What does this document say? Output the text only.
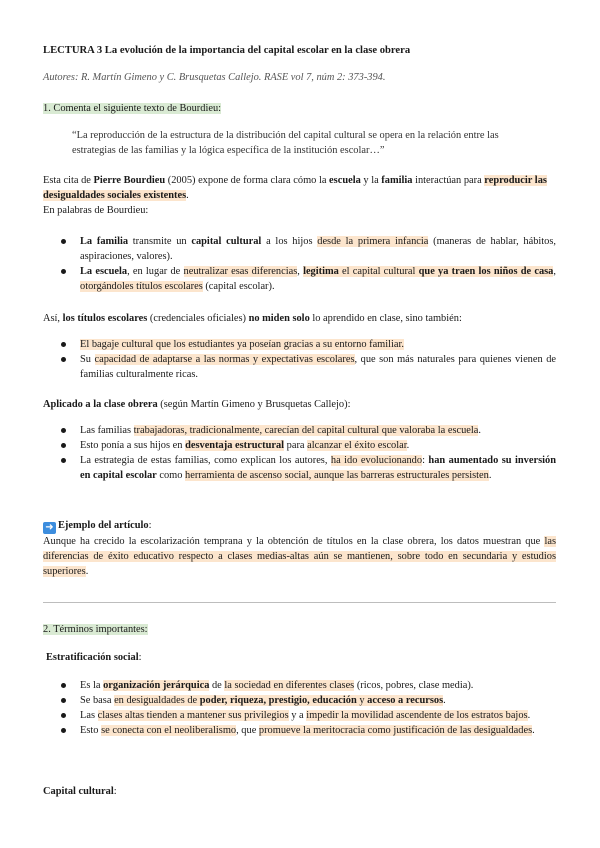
LECTURA 3 La evolución de la importancia del capital escolar en la clase obrera

Autores: R. Martín Gimeno y C. Brusquetas Callejo. RASE vol 7, núm 2: 373-394.

1. Comenta el siguiente texto de Bourdieu:

“La reproducción de la estructura de la distribución del capital cultural se opera en la relación entre las estrategias de las familias y la lógica específica de la institución escolar…”

Esta cita de Pierre Bourdieu (2005) expone de forma clara cómo la escuela y la familia interactúan para reproducir las desigualdades sociales existentes.
En palabras de Bourdieu:

La familia transmite un capital cultural a los hijos desde la primera infancia (maneras de hablar, hábitos, aspiraciones, valores).
La escuela, en lugar de neutralizar esas diferencias, legitima el capital cultural que ya traen los niños de casa, otorgándoles títulos escolares (capital escolar).

Así, los títulos escolares (credenciales oficiales) no miden solo lo aprendido en clase, sino también:

El bagaje cultural que los estudiantes ya poseían gracias a su entorno familiar.
Su capacidad de adaptarse a las normas y expectativas escolares, que son más naturales para quienes vienen de familias culturalmente ricas.

Aplicado a la clase obrera (según Martín Gimeno y Brusquetas Callejo):

Las familias trabajadoras, tradicionalmente, carecían del capital cultural que valoraba la escuela.
Esto ponía a sus hijos en desventaja estructural para alcanzar el éxito escolar.
La estrategia de estas familias, como explican los autores, ha ido evolucionando: han aumentado su inversión en capital escolar como herramienta de ascenso social, aunque las barreras estructurales persisten.

➜ Ejemplo del artículo:
Aunque ha crecido la escolarización temprana y la obtención de títulos en la clase obrera, los datos muestran que las diferencias de éxito educativo respecto a clases medias-altas aún se mantienen, sobre todo en secundaria y estudios superiores.

2. Términos importantes:

Estratificación social:

Es la organización jerárquica de la sociedad en diferentes clases (ricos, pobres, clase media).
Se basa en desigualdades de poder, riqueza, prestigio, educación y acceso a recursos.
Las clases altas tienden a mantener sus privilegios y a impedir la movilidad ascendente de los estratos bajos.
Esto se conecta con el neoliberalismo, que promueve la meritocracia como justificación de las desigualdades.

Capital cultural:
